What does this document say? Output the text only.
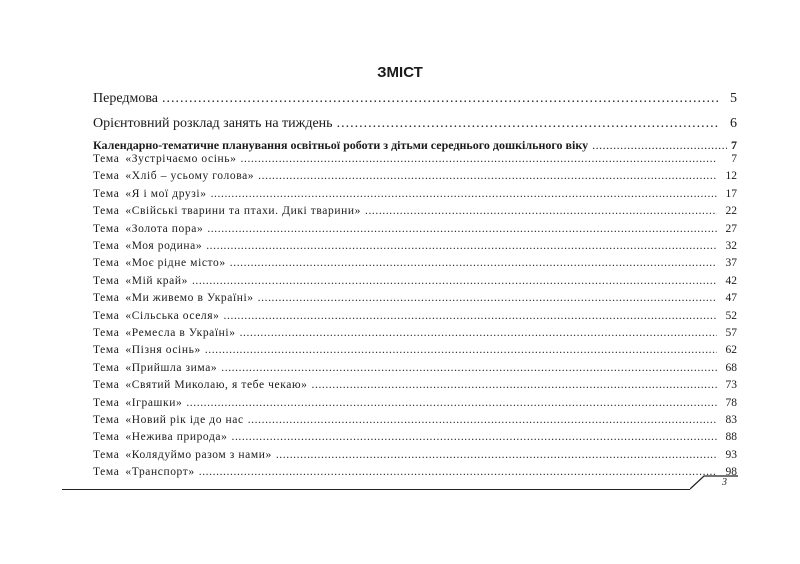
ЗМІСТ
Передмова .....	5
Орієнтовний розклад занять на тиждень .....	6
Календарно-тематичне планування освітньої роботи з дітьми середнього дошкільного віку .....	7
Тема «Зустрічаємо осінь» .....	7
Тема «Хліб – усьому голова» .....	12
Тема «Я і мої друзі» .....	17
Тема «Свійські тварини та птахи. Дикі тварини» .....	22
Тема «Золота пора» .....	27
Тема «Моя родина» .....	32
Тема «Моє рідне місто» .....	37
Тема «Мій край» .....	42
Тема «Ми живемо в Україні» .....	47
Тема «Сільська оселя» .....	52
Тема «Ремесла в Україні» .....	57
Тема «Пізня осінь» .....	62
Тема «Прийшла зима» .....	68
Тема «Святий Миколаю, я тебе чекаю» .....	73
Тема «Іграшки» .....	78
Тема «Новий рік іде до нас .....	83
Тема «Нежива природа» .....	88
Тема «Колядуймо разом з нами» .....	93
Тема «Транспорт» .....	98
3
